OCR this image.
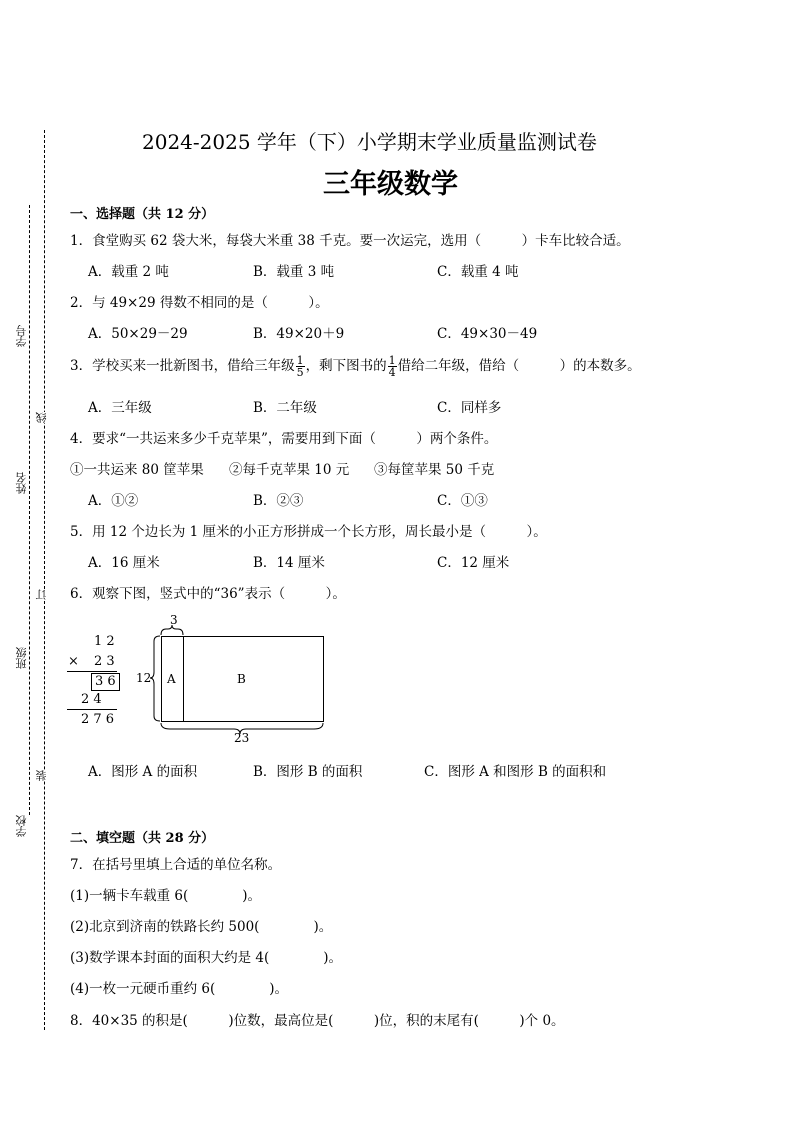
学号
姓名
班级
学校
线
订
装
2024-2025 学年（下）小学期末学业质量监测试卷
三年级数学
一、选择题（共 12 分）
1．食堂购买 62 袋大米，每袋大米重 38 千克。要一次运完，选用（　　　）卡车比较合适。
A．载重 2 吨	B．载重 3 吨	C．载重 4 吨
2．与 49×29 得数不相同的是（　　　）。
A．50×29－29	B．49×20＋9	C．49×30－49
3．学校买来一批新图书，借给三年级 $\frac{1}{5}$ ，剩下图书的 $\frac{1}{4}$ 借给二年级，借给（　　　）的本数多。
A．三年级	B．二年级	C．同样多
4．要求“一共运来多少千克苹果”，需要用到下面（　　　）两个条件。
①一共运来 80 筐苹果 ②每千克苹果 10 元 ③每筐苹果 50 千克
A．①②	B．②③	C．①③
5．用 12 个边长为 1 厘米的小正方形拼成一个长方形，周长最小是（　　　）。
A．16 厘米	B．14 厘米	C．12 厘米
6．观察下图，竖式中的“36”表示（　　　）。
1 2
× 2 3
3 6
2 4
2 7 6
3
A	B
12
23
A．图形 A 的面积	B．图形 B 的面积	C．图形 A 和图形 B 的面积和
二、填空题（共 28 分）
7．在括号里填上合适的单位名称。
(1)一辆卡车载重 6(　　　　)。
(2)北京到济南的铁路长约 500(　　　　)。
(3)数学课本封面的面积大约是 4(　　　　)。
(4)一枚一元硬币重约 6(　　　　)。
8．40×35 的积是(　　　)位数，最高位是(　　　)位，积的末尾有(　　　)个 0。
